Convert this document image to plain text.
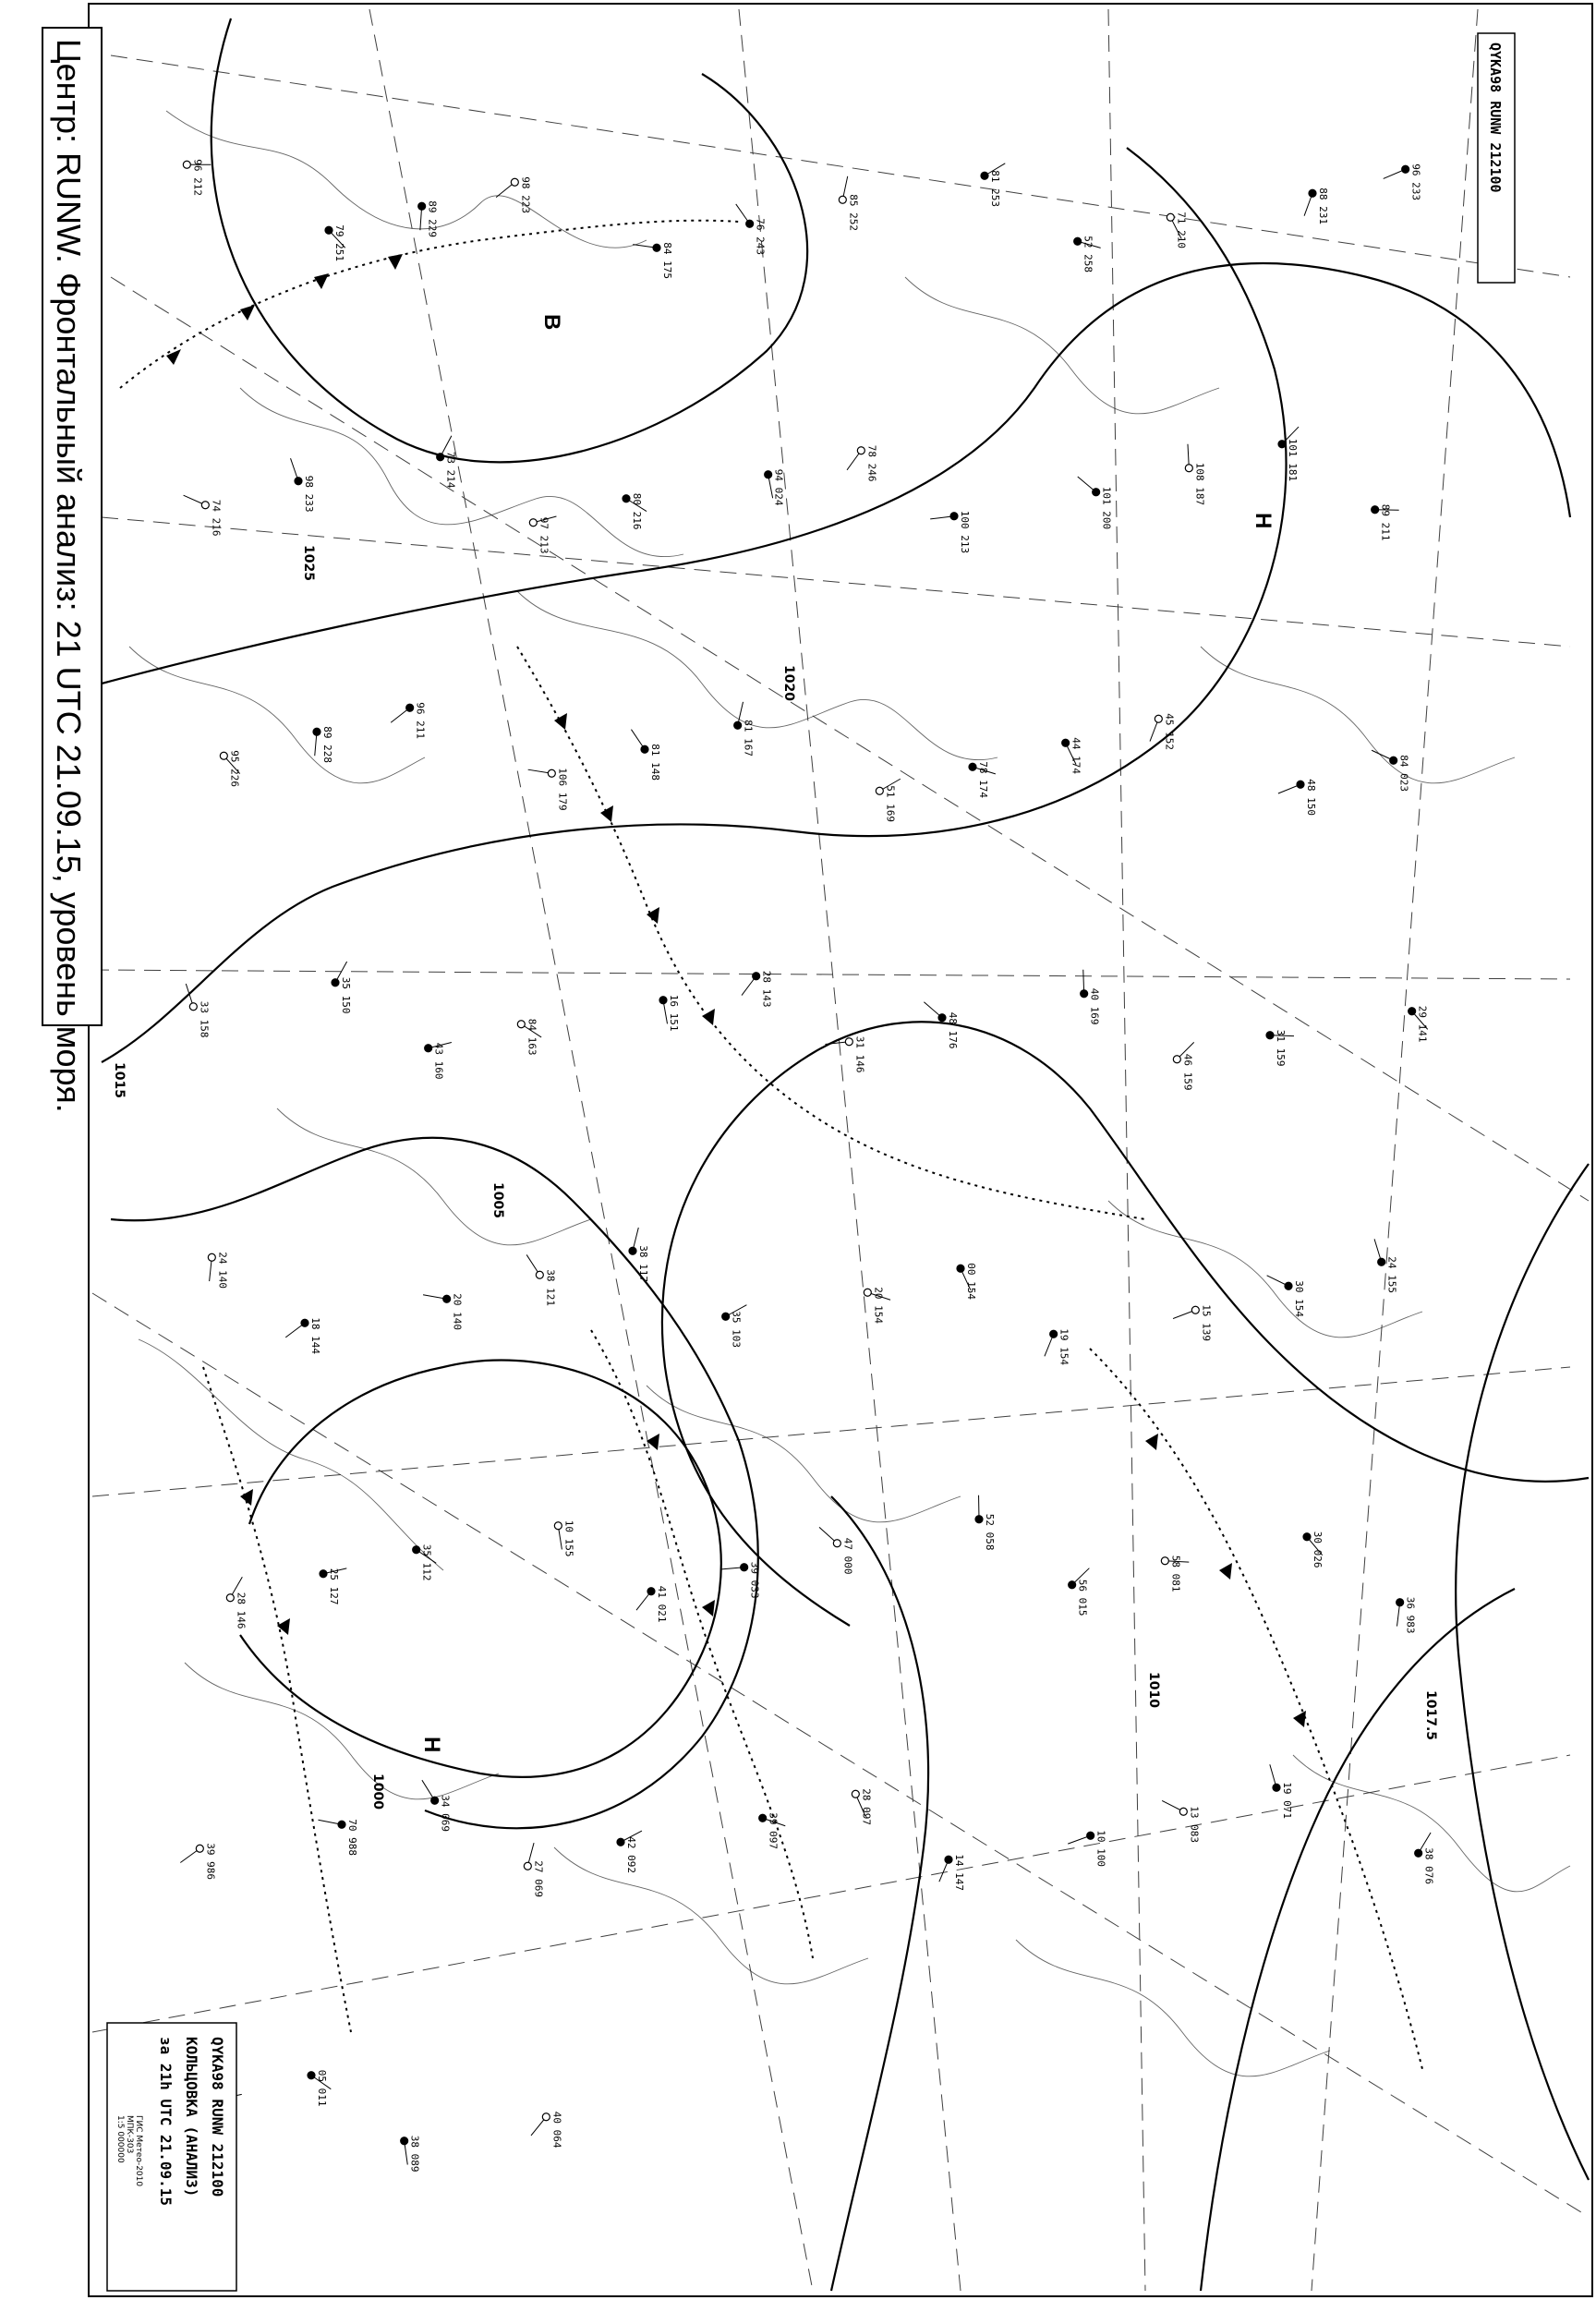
1025
1020
1015
1010
1005
1000
1017.5
B
H
H
96 212
79 251
89 229
98 223
84 175
76 243
85 252
81 253
52 258
71 210
88 231
96 233
74 216
98 233
73 214
97 213
80 216
94 024
78 246
100 213
101 200
108 187
101 181
89 211
95 226
89 228
96 211
106 179
81 148
81 167
51 169
78 174
44 174
45 152
48 150
84 023
33 158
35 150
43 160
84 163
16 151
28 143
31 146
48 176
40 169
46 159
31 159
29 141
24 140
18 144
20 140
38 121
38 117
35 103
20 154
00 154
19 154
15 139
30 154
24 155
28 146
25 127
35 112
10 155
41 021
39 033
47 000
52 058
56 015
58 081
30 026
36 983
39 986
70 988
34 069
27 069
42 092
39 097
28 097
14 147
10 100
13 083
19 071
38 076
05 011
38 089
40 064
QYKA98 RUNW 212100
Центр: RUNW. Фронтальный анализ: 21 UTC 21.09.15, уровень моря.
QYKA98 RUNW 212100
КОЛЬЦОВКА (АНАЛИЗ)
за 21h UTC 21.09.15
ГИС Метео-2010
МПК-303
1:5 000000
